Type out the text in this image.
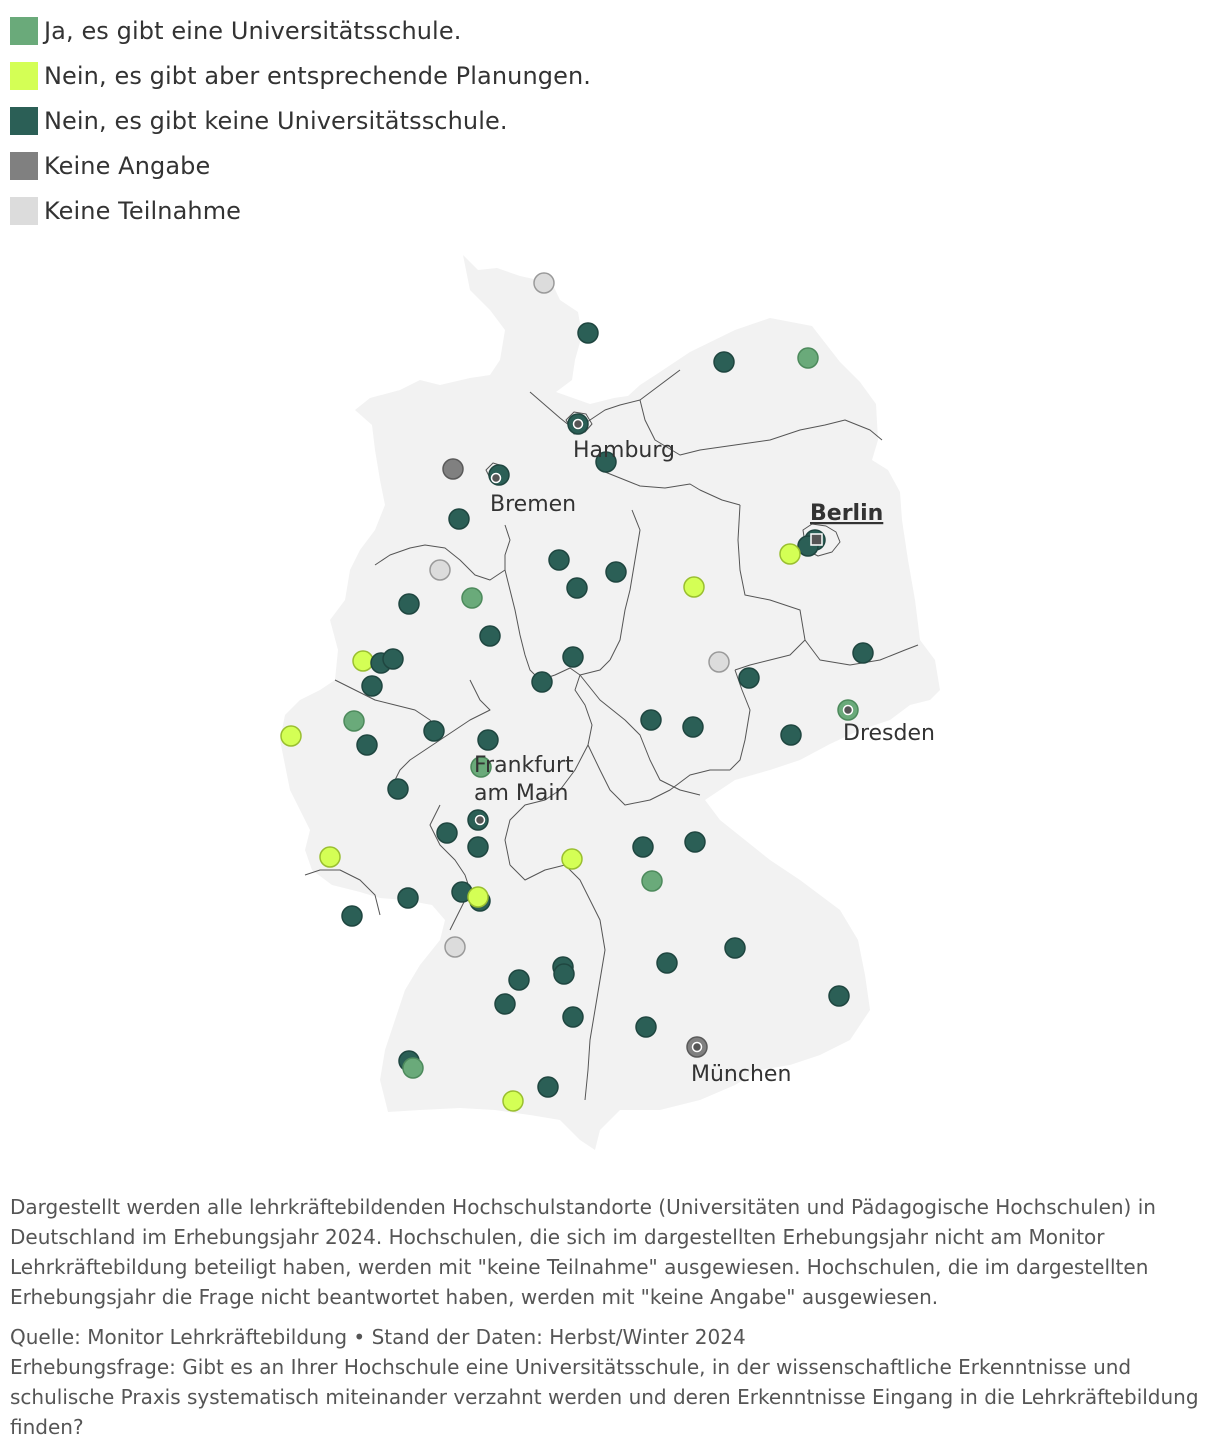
Ja, es gibt eine Universitätsschule.
Nein, es gibt aber entsprechende Planungen.
Nein, es gibt keine Universitätsschule.
Keine Angabe
Keine Teilnahme
Hamburg
Bremen	Berlin
Dresden
Frankfurt
am Main
München

Dargestellt werden alle lehrkräftebildenden Hochschulstandorte (Universitäten und Pädagogische Hochschulen) in Deutschland im Erhebungsjahr 2024. Hochschulen, die sich im dargestellten Erhebungsjahr nicht am Monitor Lehrkräftebildung beteiligt haben, werden mit "keine Teilnahme" ausgewiesen. Hochschulen, die im dargestellten Erhebungsjahr die Frage nicht beantwortet haben, werden mit "keine Angabe" ausgewiesen.

Quelle: Monitor Lehrkräftebildung • Stand der Daten: Herbst/Winter 2024

Erhebungsfrage: Gibt es an Ihrer Hochschule eine Universitätsschule, in der wissenschaftliche Erkenntnisse und schulische Praxis systematisch miteinander verzahnt werden und deren Erkenntnisse Eingang in die Lehrkräftebildung finden?
